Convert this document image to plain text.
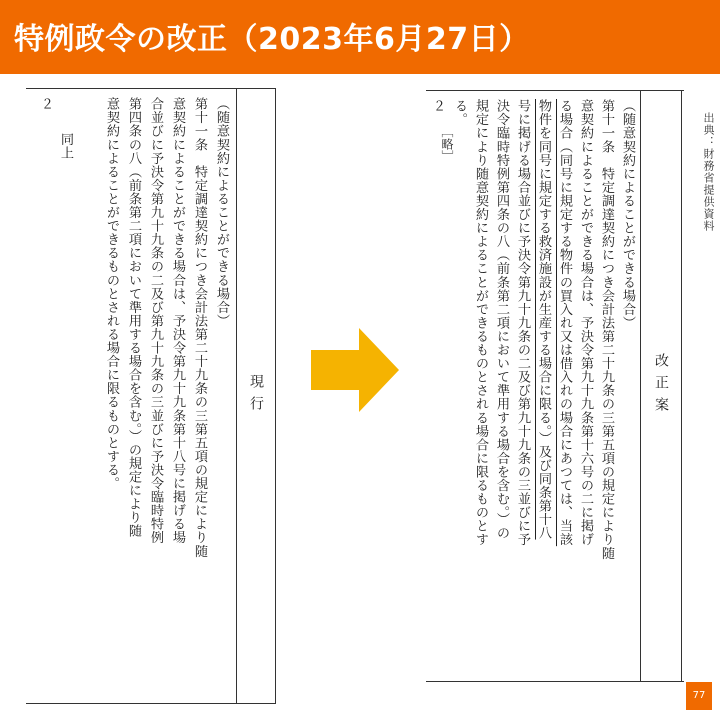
特例政令の改正（2023年6月27日）
現行
（随意契約によることができる場合）
第十一条　特定調達契約につき会計法第二十九条の三第五項の規定により随
意契約によることができる場合は、予決令第九十九条第十八号に掲げる場
合並びに予決令第九十九条の二及び第九十九条の三並びに予決令臨時特例
第四条の八（前条第二項において準用する場合を含む。）の規定により随
意契約によることができるものとされる場合に限るものとする。
２
　同上
改正案
（随意契約によることができる場合）
第十一条　特定調達契約につき会計法第二十九条の三第五項の規定により随
意契約によることができる場合は、予決令第九十九条第十六号の二に掲げ
る場合（同号に規定する物件の買入れ又は借入れの場合にあつては、当該
物件を同号に規定する救済施設が生産する場合に限る。）及び同条第十八
号に掲げる場合並びに予決令第九十九条の二及び第九十九条の三並びに予
決令臨時特例第四条の八（前条第二項において準用する場合を含む。）の
規定により随意契約によることができるものとされる場合に限るものとす
る。
２
　［略］	出典：財務省提供資料
77
